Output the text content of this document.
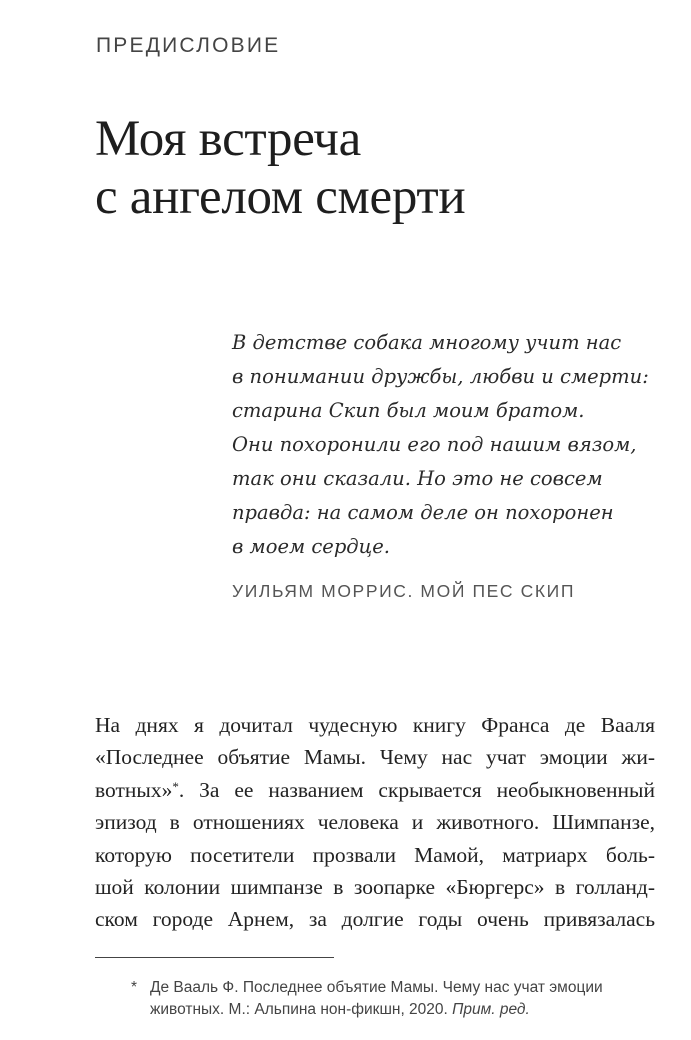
ПРЕДИСЛОВИЕ

Моя встреча
с ангелом смерти

В детстве собака многому учит нас
в понимании дружбы, любви и смерти:
старина Скип был моим братом.
Они похоронили его под нашим вязом,
так они сказали. Но это не совсем
правда: на самом деле он похоронен
в моем сердце.

УИЛЬЯМ МОРРИС. МОЙ ПЕС СКИП

На днях я дочитал чудесную книгу Франса де Вааля
«Последнее объятие Мамы. Чему нас учат эмоции жи-
вотных»*. За ее названием скрывается необыкновенный
эпизод в отношениях человека и животного. Шимпанзе,
которую посетители прозвали Мамой, матриарх боль-
шой колонии шимпанзе в зоопарке «Бюргерс» в голланд-
ском городе Арнем, за долгие годы очень привязалась
* Де Вааль Ф. Последнее объятие Мамы. Чему нас учат эмоции
животных. М.: Альпина нон-фикшн, 2020. Прим. ред.
